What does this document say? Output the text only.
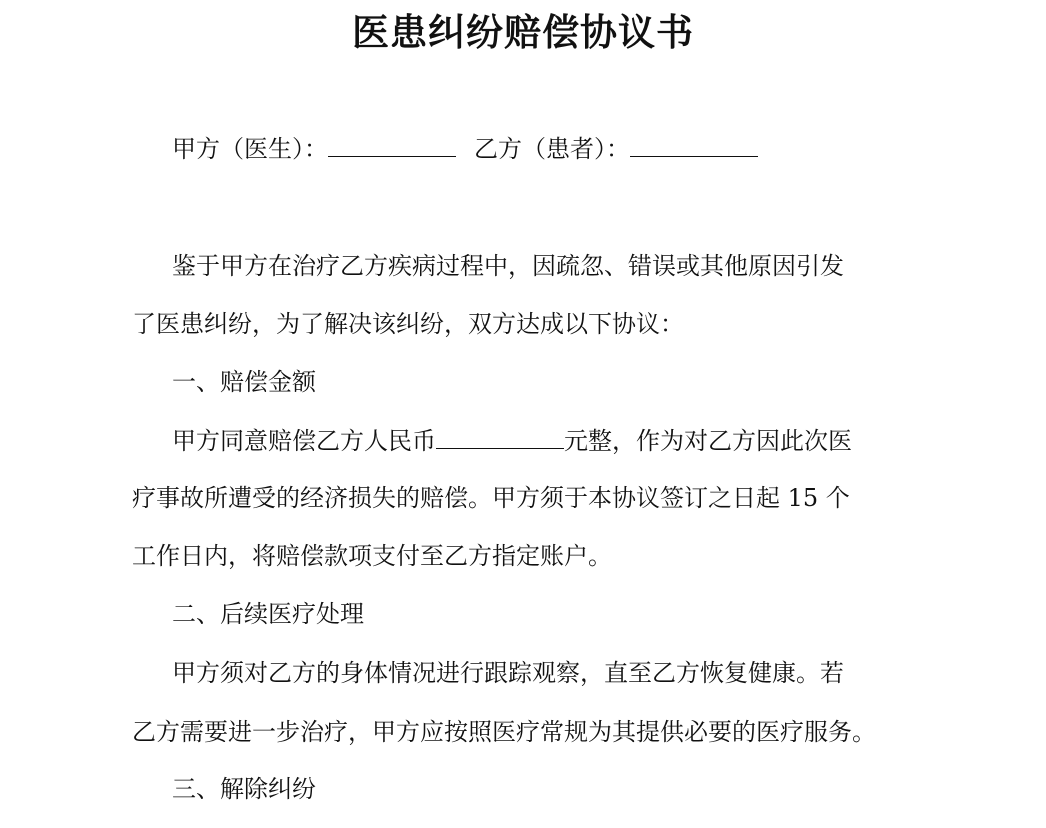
医患纠纷赔偿协议书
甲方（医生）：	乙方（患者）：
鉴于甲方在治疗乙方疾病过程中，因疏忽、错误或其他原因引发
了医患纠纷，为了解决该纠纷，双方达成以下协议：
一、赔偿金额
甲方同意赔偿乙方人民币	元整，作为对乙方因此次医
疗事故所遭受的经济损失的赔偿。甲方须于本协议签订之日起 15 个
工作日内，将赔偿款项支付至乙方指定账户。
二、后续医疗处理
甲方须对乙方的身体情况进行跟踪观察，直至乙方恢复健康。若
乙方需要进一步治疗，甲方应按照医疗常规为其提供必要的医疗服务。
三、解除纠纷
